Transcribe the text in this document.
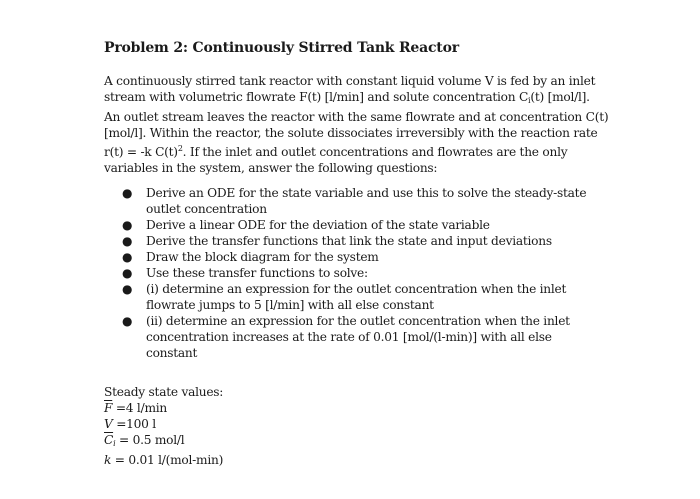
Problem 2: Continuously Stirred Tank Reactor
A continuously stirred tank reactor with constant liquid volume V is fed by an inlet
stream with volumetric flowrate F(t) [l/min] and solute concentration $C_i(t)$ [mol/l].
An outlet stream leaves the reactor with the same flowrate and at concentration C(t)
[mol/l]. Within the reactor, the solute dissociates irreversibly with the reaction rate
r(t) = -k $C(t)^2$. If the inlet and outlet concentrations and flowrates are the only
variables in the system, answer the following questions:
● Derive an ODE for the state variable and use this to solve the steady-state
outlet concentration
● Derive a linear ODE for the deviation of the state variable
● Derive the transfer functions that link the state and input deviations
● Draw the block diagram for the system
● Use these transfer functions to solve:
● (i) determine an expression for the outlet concentration when the inlet
flowrate jumps to 5 [l/min] with all else constant
● (ii) determine an expression for the outlet concentration when the inlet
concentration increases at the rate of 0.01 [mol/(l-min)] with all else
constant
Steady state values:
$\overline{F} =4$ l/min
V =100 l
$\overline{C}_i = 0.5$ mol/l
k = 0.01 l/(mol-min)
